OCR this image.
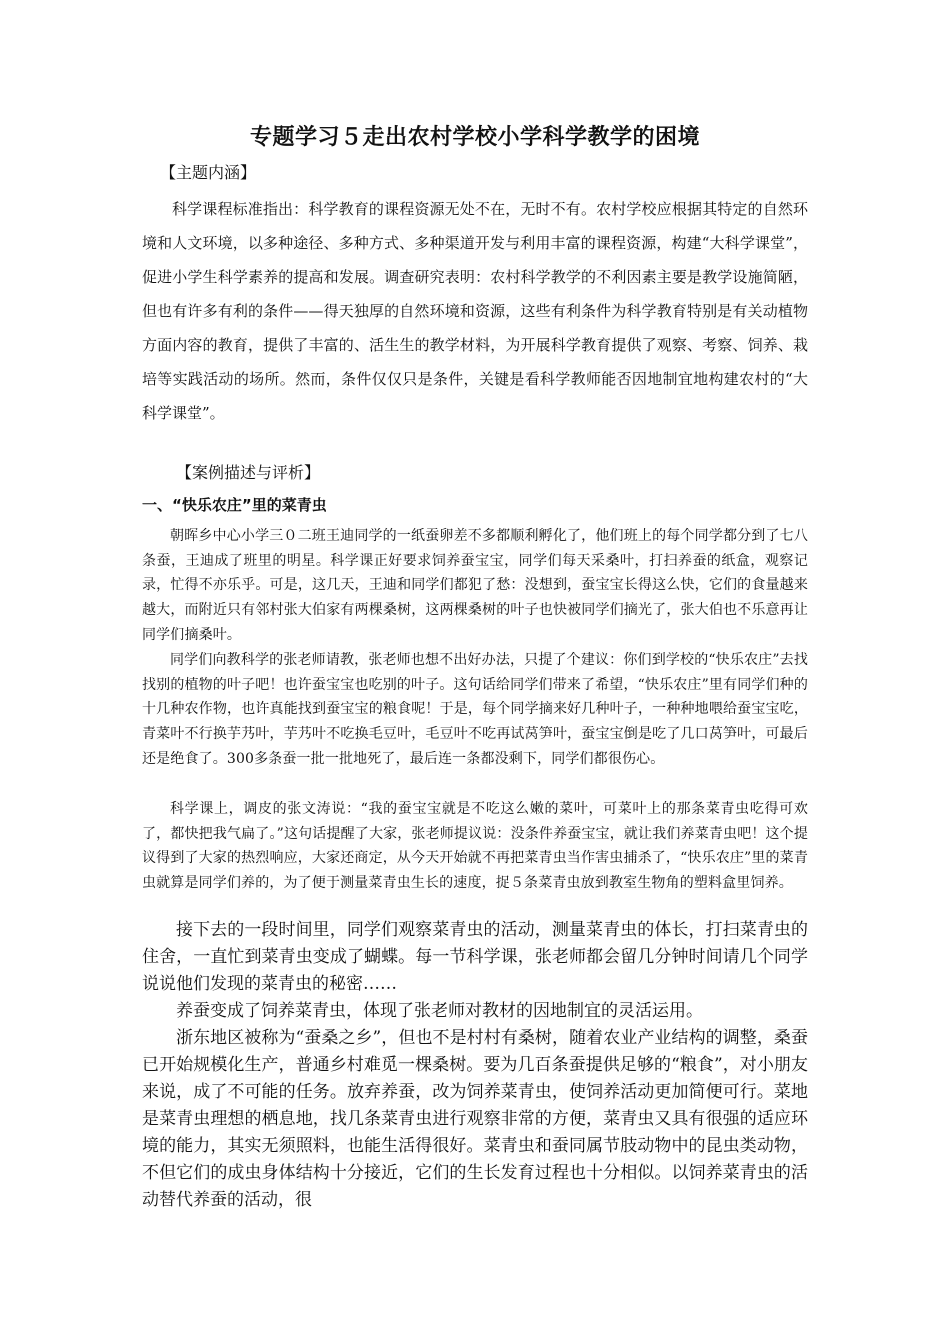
专题学习５走出农村学校小学科学教学的困境
【主题内涵】

科学课程标准指出：科学教育的课程资源无处不在，无时不有。农村学校应根据其特定的自然环境和人文环境，以多种途径、多种方式、多种渠道开发与利用丰富的课程资源，构建“大科学课堂”，促进小学生科学素养的提高和发展。调查研究表明：农村科学教学的不利因素主要是教学设施简陋，但也有许多有利的条件——得天独厚的自然环境和资源，这些有利条件为科学教育特别是有关动植物方面内容的教育，提供了丰富的、活生生的教学材料，为开展科学教育提供了观察、考察、饲养、栽培等实践活动的场所。然而，条件仅仅只是条件，关键是看科学教师能否因地制宜地构建农村的“大科学课堂”。

【案例描述与评析】
一、“快乐农庄”里的菜青虫

朝晖乡中心小学三０二班王迪同学的一纸蚕卵差不多都顺利孵化了，他们班上的每个同学都分到了七八条蚕，王迪成了班里的明星。科学课正好要求饲养蚕宝宝，同学们每天采桑叶，打扫养蚕的纸盒，观察记录，忙得不亦乐乎。可是，这几天，王迪和同学们都犯了愁：没想到，蚕宝宝长得这么快，它们的食量越来越大，而附近只有邻村张大伯家有两棵桑树，这两棵桑树的叶子也快被同学们摘光了，张大伯也不乐意再让同学们摘桑叶。

同学们向教科学的张老师请教，张老师也想不出好办法，只提了个建议：你们到学校的“快乐农庄”去找找别的植物的叶子吧！也许蚕宝宝也吃别的叶子。这句话给同学们带来了希望，“快乐农庄”里有同学们种的十几种农作物，也许真能找到蚕宝宝的粮食呢！于是，每个同学摘来好几种叶子，一种种地喂给蚕宝宝吃，青菜叶不行换芋艿叶，芋艿叶不吃换毛豆叶，毛豆叶不吃再试莴笋叶，蚕宝宝倒是吃了几口莴笋叶，可最后还是绝食了。300多条蚕一批一批地死了，最后连一条都没剩下，同学们都很伤心。

科学课上，调皮的张文涛说：“我的蚕宝宝就是不吃这么嫩的菜叶，可菜叶上的那条菜青虫吃得可欢了，都快把我气扁了。”这句话提醒了大家，张老师提议说：没条件养蚕宝宝，就让我们养菜青虫吧！这个提议得到了大家的热烈响应，大家还商定，从今天开始就不再把菜青虫当作害虫捕杀了，“快乐农庄”里的菜青虫就算是同学们养的，为了便于测量菜青虫生长的速度，捉５条菜青虫放到教室生物角的塑料盒里饲养。

接下去的一段时间里，同学们观察菜青虫的活动，测量菜青虫的体长，打扫菜青虫的住舍，一直忙到菜青虫变成了蝴蝶。每一节科学课，张老师都会留几分钟时间请几个同学说说他们发现的菜青虫的秘密……

养蚕变成了饲养菜青虫，体现了张老师对教材的因地制宜的灵活运用。

浙东地区被称为“蚕桑之乡”，但也不是村村有桑树，随着农业产业结构的调整，桑蚕已开始规模化生产，普通乡村难觅一棵桑树。要为几百条蚕提供足够的“粮食”，对小朋友来说，成了不可能的任务。放弃养蚕，改为饲养菜青虫，使饲养活动更加简便可行。菜地是菜青虫理想的栖息地，找几条菜青虫进行观察非常的方便，菜青虫又具有很强的适应环境的能力，其实无须照料，也能生活得很好。菜青虫和蚕同属节肢动物中的昆虫类动物，不但它们的成虫身体结构十分接近，它们的生长发育过程也十分相似。以饲养菜青虫的活动替代养蚕的活动，很
